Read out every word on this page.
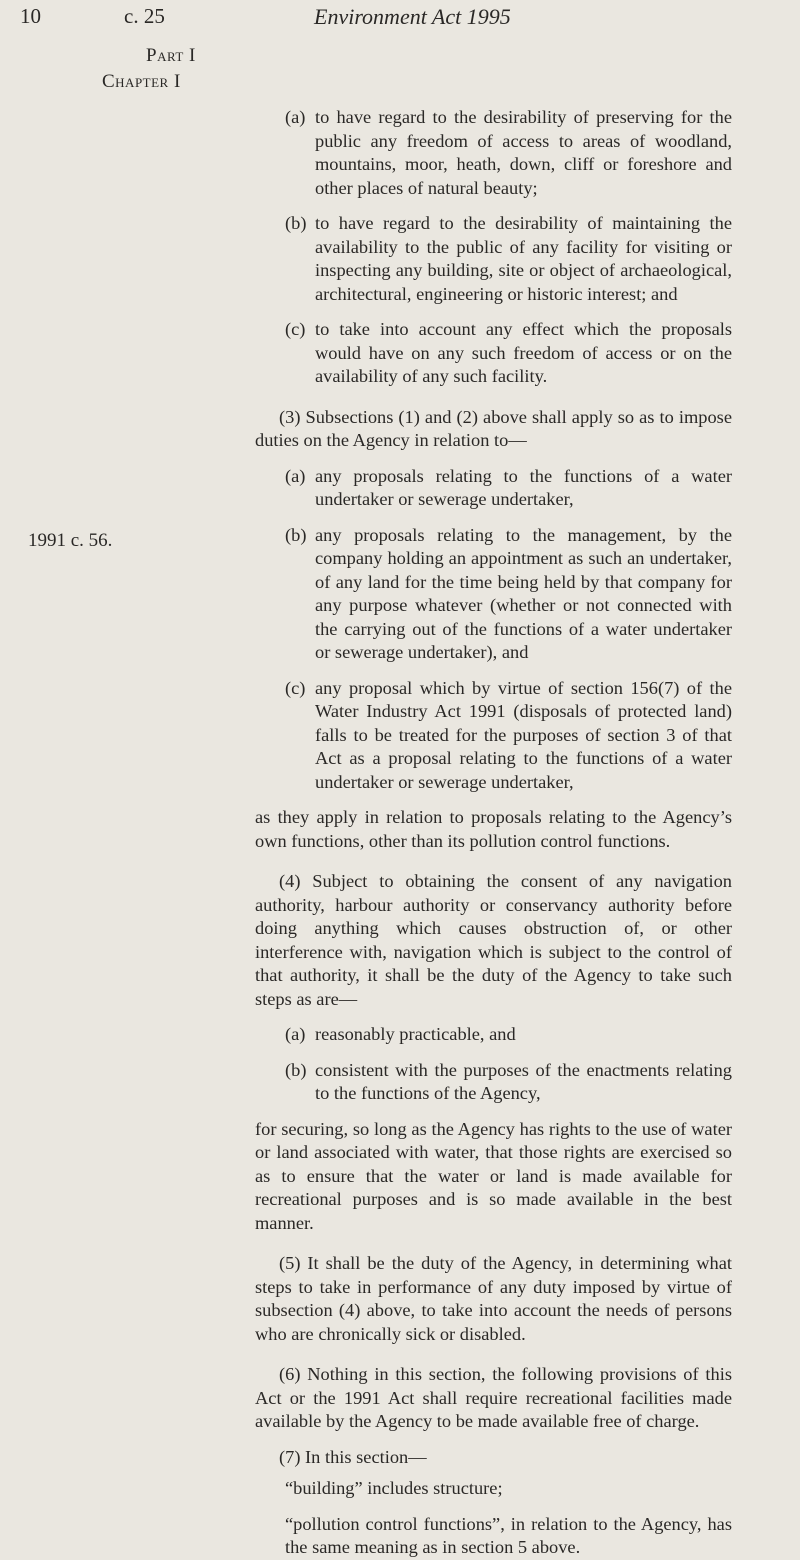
10	c. 25	Environment Act 1995
Part I
Chapter I
1991 c. 56.
(a) to have regard to the desirability of preserving for the public any freedom of access to areas of woodland, mountains, moor, heath, down, cliff or foreshore and other places of natural beauty;
(b) to have regard to the desirability of maintaining the availability to the public of any facility for visiting or inspecting any building, site or object of archaeological, architectural, engineering or historic interest; and
(c) to take into account any effect which the proposals would have on any such freedom of access or on the availability of any such facility.

(3) Subsections (1) and (2) above shall apply so as to impose duties on the Agency in relation to—

(a) any proposals relating to the functions of a water undertaker or sewerage undertaker,
(b) any proposals relating to the management, by the company holding an appointment as such an undertaker, of any land for the time being held by that company for any purpose whatever (whether or not connected with the carrying out of the functions of a water undertaker or sewerage undertaker), and
(c) any proposal which by virtue of section 156(7) of the Water Industry Act 1991 (disposals of protected land) falls to be treated for the purposes of section 3 of that Act as a proposal relating to the functions of a water undertaker or sewerage undertaker,

as they apply in relation to proposals relating to the Agency’s own functions, other than its pollution control functions.

(4) Subject to obtaining the consent of any navigation authority, harbour authority or conservancy authority before doing anything which causes obstruction of, or other interference with, navigation which is subject to the control of that authority, it shall be the duty of the Agency to take such steps as are—

(a) reasonably practicable, and
(b) consistent with the purposes of the enactments relating to the functions of the Agency,

for securing, so long as the Agency has rights to the use of water or land associated with water, that those rights are exercised so as to ensure that the water or land is made available for recreational purposes and is so made available in the best manner.

(5) It shall be the duty of the Agency, in determining what steps to take in performance of any duty imposed by virtue of subsection (4) above, to take into account the needs of persons who are chronically sick or disabled.

(6) Nothing in this section, the following provisions of this Act or the 1991 Act shall require recreational facilities made available by the Agency to be made available free of charge.

(7) In this section—

“building” includes structure;
“pollution control functions”, in relation to the Agency, has the same meaning as in section 5 above.
